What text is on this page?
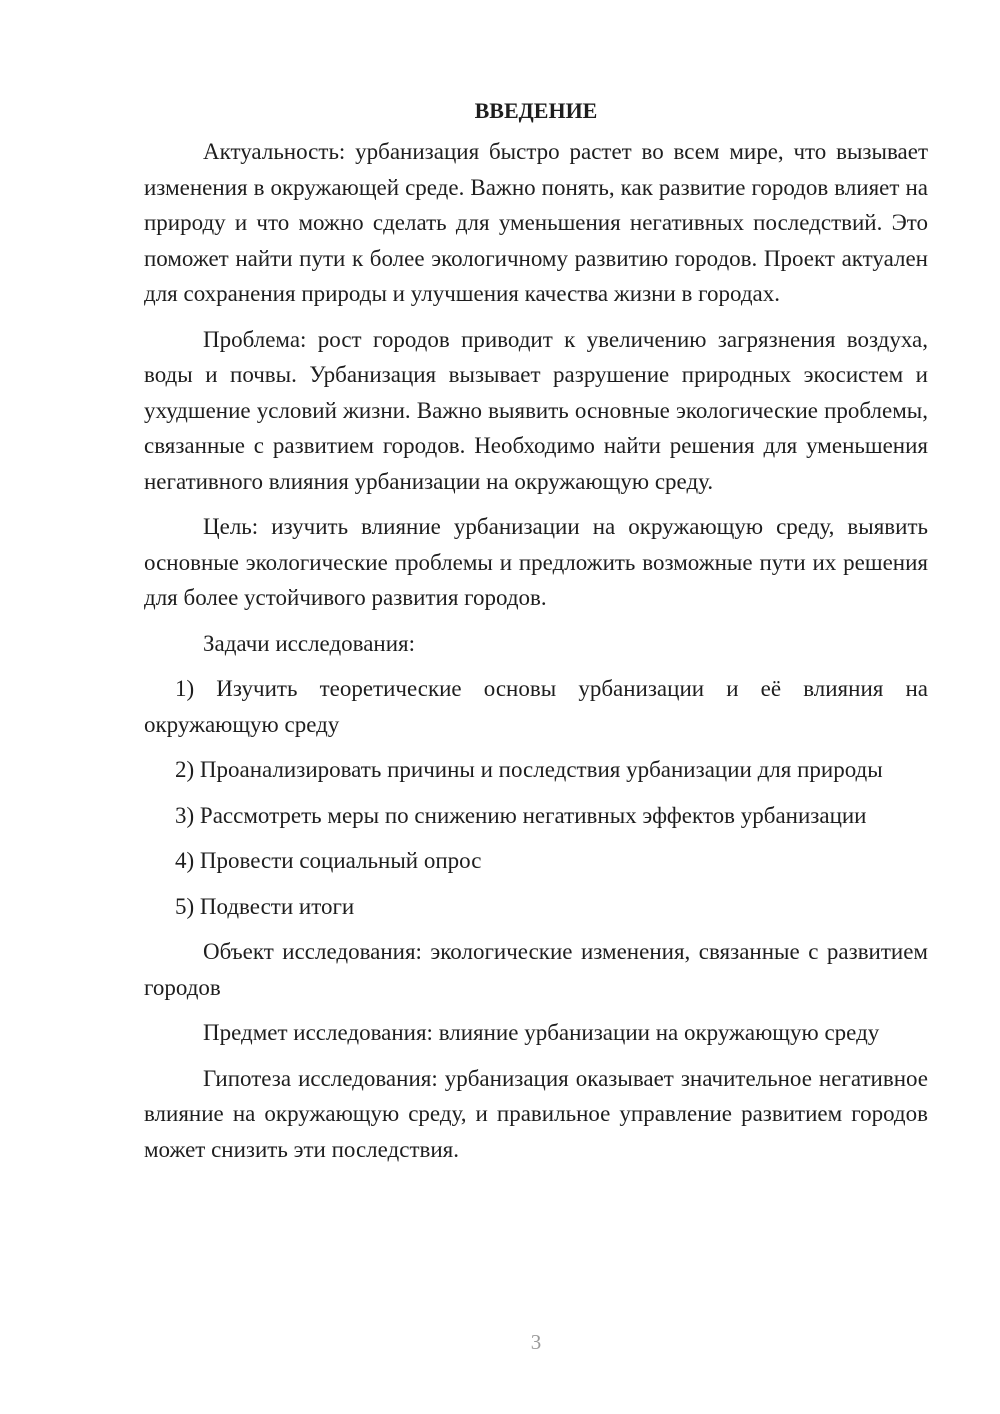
ВВЕДЕНИЕ

Актуальность: урбанизация быстро растет во всем мире, что вызывает изменения в окружающей среде. Важно понять, как развитие городов влияет на природу и что можно сделать для уменьшения негативных последствий. Это поможет найти пути к более экологичному развитию городов. Проект актуален для сохранения природы и улучшения качества жизни в городах.

Проблема: рост городов приводит к увеличению загрязнения воздуха, воды и почвы. Урбанизация вызывает разрушение природных экосистем и ухудшение условий жизни. Важно выявить основные экологические проблемы, связанные с развитием городов. Необходимо найти решения для уменьшения негативного влияния урбанизации на окружающую среду.

Цель: изучить влияние урбанизации на окружающую среду, выявить основные экологические проблемы и предложить возможные пути их решения для более устойчивого развития городов.

Задачи исследования:

1) Изучить теоретические основы урбанизации и её влияния на окружающую среду

2) Проанализировать причины и последствия урбанизации для природы

3) Рассмотреть меры по снижению негативных эффектов урбанизации

4) Провести социальный опрос

5) Подвести итоги

Объект исследования: экологические изменения, связанные с развитием городов

Предмет исследования: влияние урбанизации на окружающую среду

Гипотеза исследования: урбанизация оказывает значительное негативное влияние на окружающую среду, и правильное управление развитием городов может снизить эти последствия.

3
